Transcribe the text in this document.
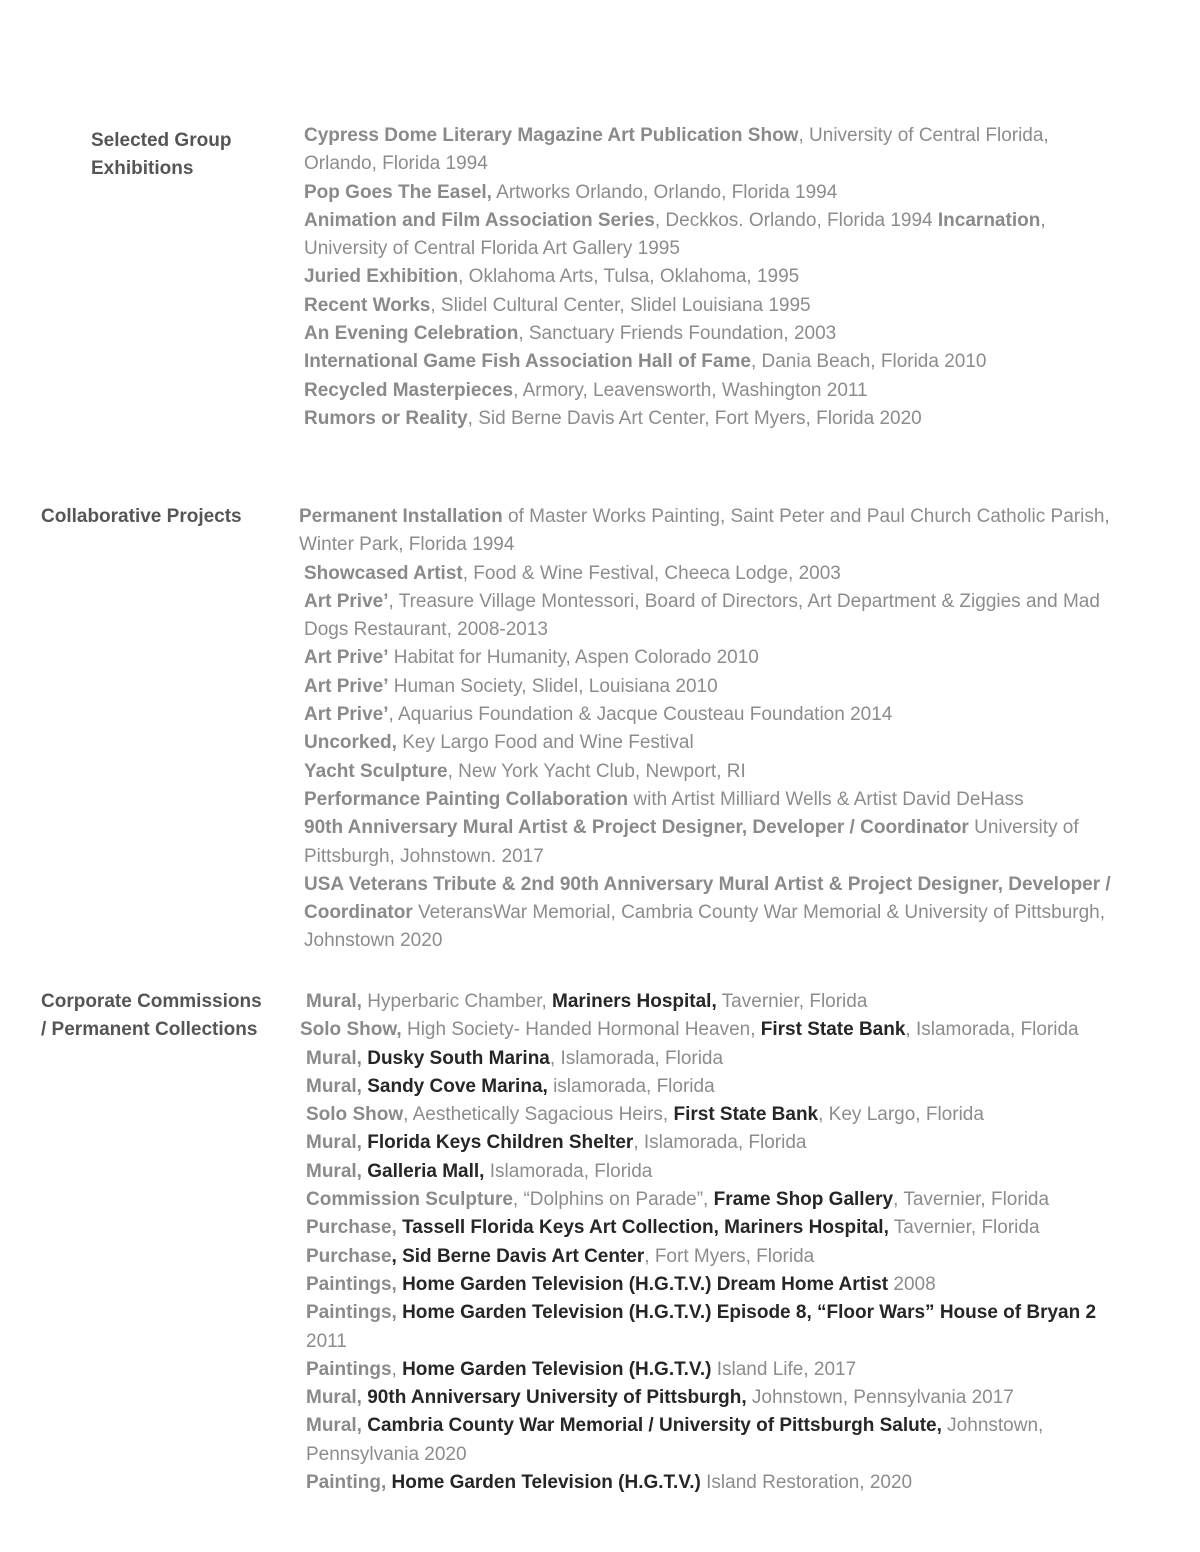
Selected Group
Exhibitions

Cypress Dome Literary Magazine Art Publication Show, University of Central Florida, Orlando, Florida 1994

Pop Goes The Easel, Artworks Orlando, Orlando, Florida 1994

Animation and Film Association Series, Deckkos. Orlando, Florida 1994 Incarnation, University of Central Florida Art Gallery 1995

Juried Exhibition, Oklahoma Arts, Tulsa, Oklahoma, 1995

Recent Works, Slidel Cultural Center, Slidel Louisiana 1995

An Evening Celebration, Sanctuary Friends Foundation, 2003

International Game Fish Association Hall of Fame, Dania Beach, Florida 2010

Recycled Masterpieces, Armory, Leavensworth, Washington 2011

Rumors or Reality, Sid Berne Davis Art Center, Fort Myers, Florida 2020

Collaborative Projects	Permanent Installation of Master Works Painting, Saint Peter and Paul Church Catholic Parish, Winter Park, Florida 1994

Showcased Artist, Food & Wine Festival, Cheeca Lodge, 2003

Art Prive’, Treasure Village Montessori, Board of Directors, Art Department & Ziggies and Mad Dogs Restaurant, 2008-2013

Art Prive’ Habitat for Humanity, Aspen Colorado 2010

Art Prive’ Human Society, Slidel, Louisiana 2010

Art Prive’, Aquarius Foundation & Jacque Cousteau Foundation 2014

Uncorked, Key Largo Food and Wine Festival

Yacht Sculpture, New York Yacht Club, Newport, RI

Performance Painting Collaboration with Artist Milliard Wells & Artist David DeHass

90th Anniversary Mural Artist & Project Designer, Developer / Coordinator University of Pittsburgh, Johnstown. 2017

USA Veterans Tribute & 2nd 90th Anniversary Mural Artist & Project Designer, Developer / Coordinator VeteransWar Memorial, Cambria County War Memorial & University of Pittsburgh, Johnstown 2020

Corporate Commissions
/ Permanent Collections

Mural, Hyperbaric Chamber, Mariners Hospital, Tavernier, Florida

Solo Show, High Society- Handed Hormonal Heaven, First State Bank, Islamorada, Florida

Mural, Dusky South Marina, Islamorada, Florida

Mural, Sandy Cove Marina, islamorada, Florida

Solo Show, Aesthetically Sagacious Heirs, First State Bank, Key Largo, Florida

Mural, Florida Keys Children Shelter, Islamorada, Florida

Mural, Galleria Mall, Islamorada, Florida

Commission Sculpture, “Dolphins on Parade”, Frame Shop Gallery, Tavernier, Florida

Purchase, Tassell Florida Keys Art Collection, Mariners Hospital, Tavernier, Florida

Purchase, Sid Berne Davis Art Center, Fort Myers, Florida

Paintings, Home Garden Television (H.G.T.V.) Dream Home Artist 2008

Paintings, Home Garden Television (H.G.T.V.) Episode 8, “Floor Wars” House of Bryan 2 2011

Paintings, Home Garden Television (H.G.T.V.) Island Life, 2017

Mural, 90th Anniversary University of Pittsburgh, Johnstown, Pennsylvania 2017

Mural, Cambria County War Memorial / University of Pittsburgh Salute, Johnstown, Pennsylvania 2020

Painting, Home Garden Television (H.G.T.V.) Island Restoration, 2020
